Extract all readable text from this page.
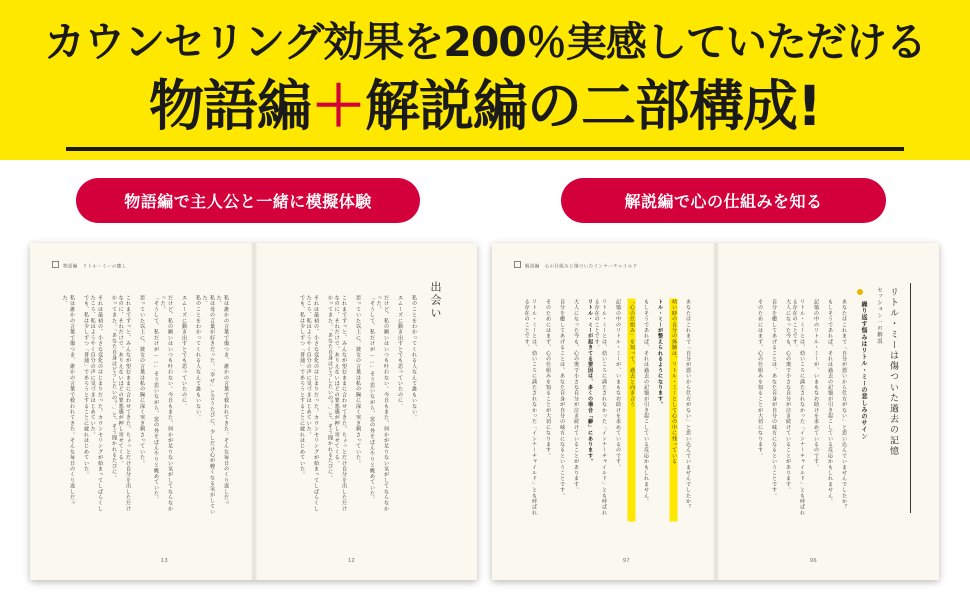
カウンセリング効果を200％実感していただける
物語編＋解説編の二部構成!
物語編で主人公と一緒に模擬体験	解説編で心の仕組みを知る
物語編　リトル・ミーの癒し
出会い
私のことをわかってくれる人なんて誰もいない。
スムーズに動き出すとでも思っていたのに。
だけど、私の願いはいつも叶わない。今日もまた、何かが足りない気がしてならなかった。
「そうして、私だけが……」そう思いながら、窓の外をぼんやりと眺めていた。
思っていた以上に、彼女の言葉は私の胸に深く突き刺さっていた。
これまでずっと、みんなが望むままに合わせてきた。ちょっとだけ自分を出しただけなのに、それだけで、ありえないほどの罪悪感が押し寄せてくる。
かってきた。「あなた自身はどうしたいの？」と、そう聞かれるたびに。
それは最初の、小さな変化のはじまりだった。カウンセリングが始まってしばらくしたころ、私はようやく自分の声に気づきはじめていた。
でも、私は少しずつ「普通」であろうとすることに疲れはじめていた。
私は誰かの言葉で傷つき、誰かの言葉で救われてきた。そんな毎日のくり返しだった。
私は母の言葉が好きだった。「幸せ」と言うたびに、少しだけ心が軽くなる気がしていた。
私のことをわかってくれる人なんて誰もいない。
スムーズに動き出すとでも思っていたのに。
だけど、私の願いはいつも叶わない。今日もまた、何かが足りない気がしてならなかった。
「そうして、私だけが……」そう思いながら、窓の外をぼんやりと眺めていた。
思っていた以上に、彼女の言葉は私の胸に深く突き刺さっていた。
これまでずっと、みんなが望むままに合わせてきた。ちょっとだけ自分を出しただけなのに、それだけで、ありえないほどの罪悪感が押し寄せてくる。
かってきた。「あなた自身はどうしたいの？」と、そう聞かれるたびに。
それは最初の、小さな変化のはじまりだった。カウンセリングが始まってしばらくしたころ、私はようやく自分の声に気づきはじめていた。
でも、私は少しずつ「普通」であろうとすることに疲れはじめていた。
私は誰かの言葉で傷つき、誰かの言葉で救われてきた。そんな毎日のくり返しだった。
13	12
解説編　心の仕組みと傷ついたインナーチャイルド
リトル・ミーは傷ついた過去の記憶
セッション一の解説
繰り返す悩みはリトル・ミーの悲しみのサイン
あなたはこれまで「自分が悪いから仕方がない」と思い込んでいませんでしたか？
もしそうであれば、それは過去の記憶が引き起こしている反応かもしれません。
記憶の中のリトル・ミーが、いまもなお助けを求めているのです。
リトル・ミーとは、幼いころに満たされなかった「インナーチャイルド」とも呼ばれる存在のことです。
大人になった今も、心の奥で小さな自分が泣き続けていることがあります。
自分を癒してあげることは、あなた自身が自分の味方になるということです。
そのためにはまず、心の仕組みを知ることが大切になります。
あなたはこれまで「自分が悪いから仕方がない」と思い込んでいませんでしたか？
幼い時の自分の体験は、リトル・ミーとして心の中に残っている
トル・ミーが整えられるようになります。
もしそうであれば、それは過去の記憶が引き起こしている反応かもしれません。
「心の仕組み」を知って、過去と向き合う
記憶の中のリトル・ミーが、いまもなお助けを求めているのです。
リトル・ミーとは、幼いころに満たされなかった「インナーチャイルド」とも呼ばれる存在のことです。
リトル・ミーが起きてる要因は、多くの場合「癖」にあります。
大人になった今も、心の奥で小さな自分が泣き続けていることがあります。
自分を癒してあげることは、あなた自身が自分の味方になるということです。
そのためにはまず、心の仕組みを知ることが大切になります。
リトル・ミーとは、幼いころに満たされなかった「インナーチャイルド」とも呼ばれる存在のことです。
97	96
